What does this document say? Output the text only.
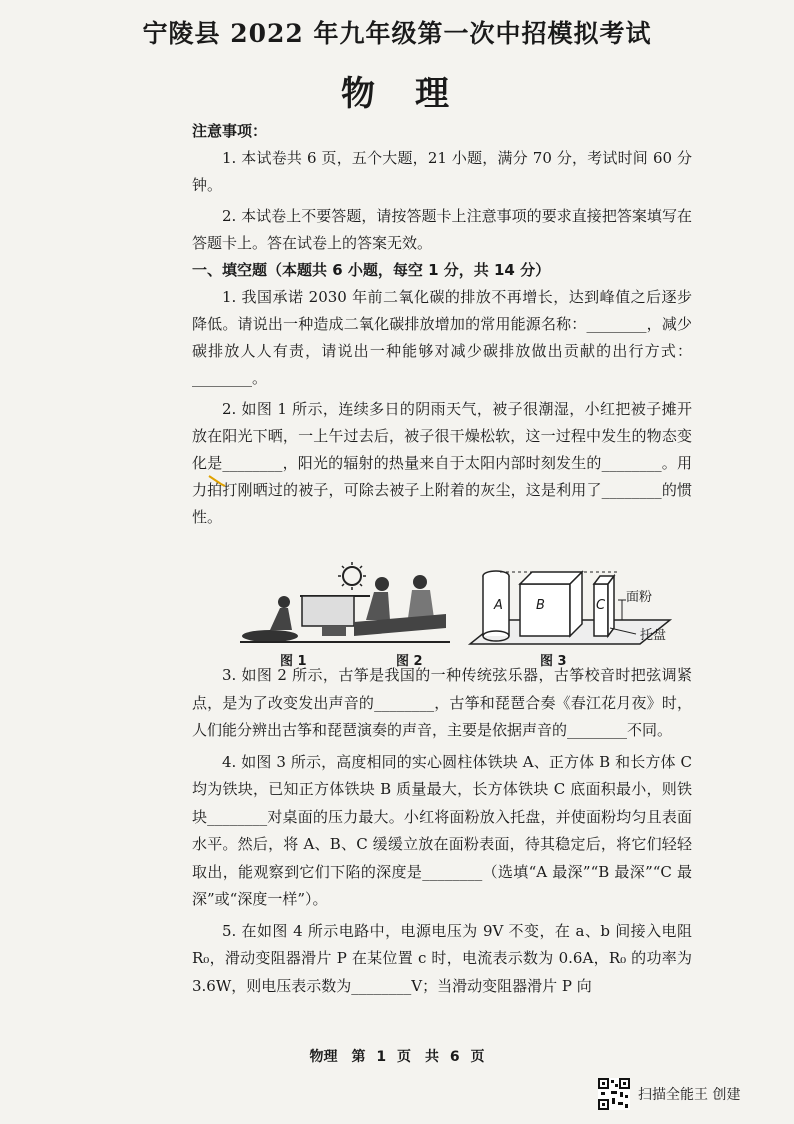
宁陵县 2022 年九年级第一次中招模拟考试
物理
注意事项：

1. 本试卷共 6 页，五个大题，21 小题，满分 70 分，考试时间 60 分钟。

2. 本试卷上不要答题，请按答题卡上注意事项的要求直接把答案填写在答题卡上。答在试卷上的答案无效。

一、填空题（本题共 6 小题，每空 1 分，共 14 分）

1. 我国承诺 2030 年前二氧化碳的排放不再增长，达到峰值之后逐步降低。请说出一种造成二氧化碳排放增加的常用能源名称：________，减少碳排放人人有责，请说出一种能够对减少碳排放做出贡献的出行方式：________。

2. 如图 1 所示，连续多日的阴雨天气，被子很潮湿，小红把被子摊开放在阳光下晒，一上午过去后，被子很干燥松软，这一过程中发生的物态变化是________，阳光的辐射的热量来自于太阳内部时刻发生的________。用力拍打刚晒过的被子，可除去被子上附着的灰尘，这是利用了________的惯性。

A	B	C
面粉
托盘
图 1	图 2	图 3

3. 如图 2 所示，古筝是我国的一种传统弦乐器，古筝校音时把弦调紧点，是为了改变发出声音的________，古筝和琵琶合奏《春江花月夜》时，人们能分辨出古筝和琵琶演奏的声音，主要是依据声音的________不同。

4. 如图 3 所示，高度相同的实心圆柱体铁块 A、正方体 B 和长方体 C 均为铁块，已知正方体铁块 B 质量最大，长方体铁块 C 底面积最小，则铁块________对桌面的压力最大。小红将面粉放入托盘，并使面粉均匀且表面水平。然后，将 A、B、C 缓缓立放在面粉表面，待其稳定后，将它们轻轻取出，能观察到它们下陷的深度是________（选填“A 最深”“B 最深”“C 最深”或“深度一样”）。

5. 在如图 4 所示电路中，电源电压为 9V 不变，在 a、b 间接入电阻 R₀，滑动变阻器滑片 P 在某位置 c 时，电流表示数为 0.6A，R₀ 的功率为 3.6W，则电压表示数为________V；当滑动变阻器滑片 P 向

物理　第 1 页　共 6 页
扫描全能王 创建
